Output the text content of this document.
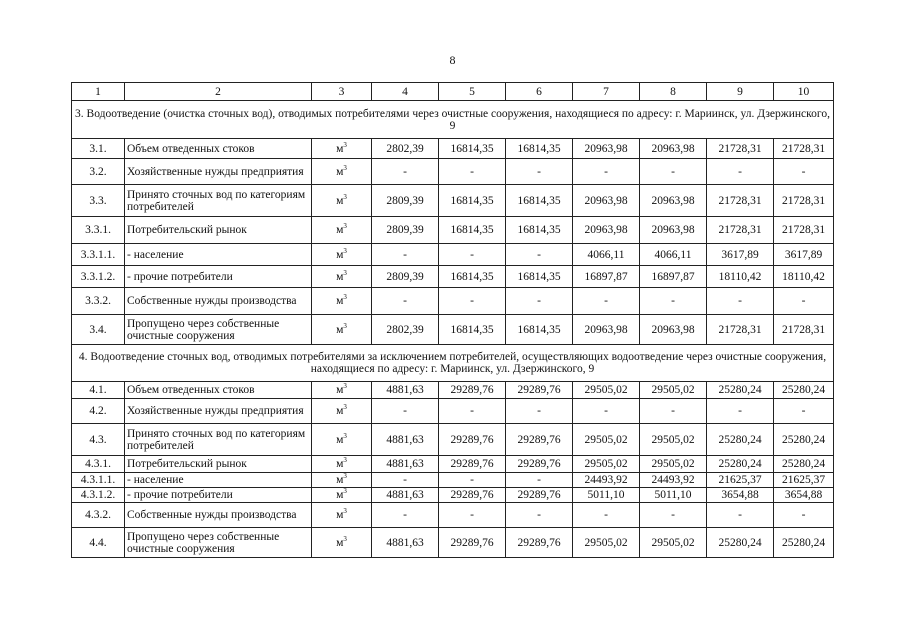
8
1	2	3	4	5	6	7	8	9	10
3. Водоотведение (очистка сточных вод), отводимых потребителями через очистные сооружения, находящиеся по адресу: г. Мариинск, ул. Дзержинского, 9									
3.1.	Объем отведенных стоков	$м^3$	2802,39	16814,35	16814,35	20963,98	20963,98	21728,31	21728,31
3.2.	Хозяйственные нужды предприятия	$м^3$	-	-	-	-	-	-	-
3.3.	Принято сточных вод по категориям потребителей	$м^3$	2809,39	16814,35	16814,35	20963,98	20963,98	21728,31	21728,31
3.3.1.	Потребительский рынок	$м^3$	2809,39	16814,35	16814,35	20963,98	20963,98	21728,31	21728,31
3.3.1.1.	- население	$м^3$	-	-	-	4066,11	4066,11	3617,89	3617,89
3.3.1.2.	- прочие потребители	$м^3$	2809,39	16814,35	16814,35	16897,87	16897,87	18110,42	18110,42
3.3.2.	Собственные нужды производства	$м^3$	-	-	-	-	-	-	-
3.4.	Пропущено через собственные очистные сооружения	$м^3$	2802,39	16814,35	16814,35	20963,98	20963,98	21728,31	21728,31
4. Водоотведение сточных вод, отводимых потребителями за исключением потребителей, осуществляющих водоотведение через очистные сооружения, находящиеся по адресу: г. Мариинск, ул. Дзержинского, 9									
4.1.	Объем отведенных стоков	$м^3$	4881,63	29289,76	29289,76	29505,02	29505,02	25280,24	25280,24
4.2.	Хозяйственные нужды предприятия	$м^3$	-	-	-	-	-	-	-
4.3.	Принято сточных вод по категориям потребителей	$м^3$	4881,63	29289,76	29289,76	29505,02	29505,02	25280,24	25280,24
4.3.1.	Потребительский рынок	$м^3$	4881,63	29289,76	29289,76	29505,02	29505,02	25280,24	25280,24
4.3.1.1.	- население	$м^3$	-	-	-	24493,92	24493,92	21625,37	21625,37
4.3.1.2.	- прочие потребители	$м^3$	4881,63	29289,76	29289,76	5011,10	5011,10	3654,88	3654,88
4.3.2.	Собственные нужды производства	$м^3$	-	-	-	-	-	-	-
4.4.	Пропущено через собственные очистные сооружения	$м^3$	4881,63	29289,76	29289,76	29505,02	29505,02	25280,24	25280,24
